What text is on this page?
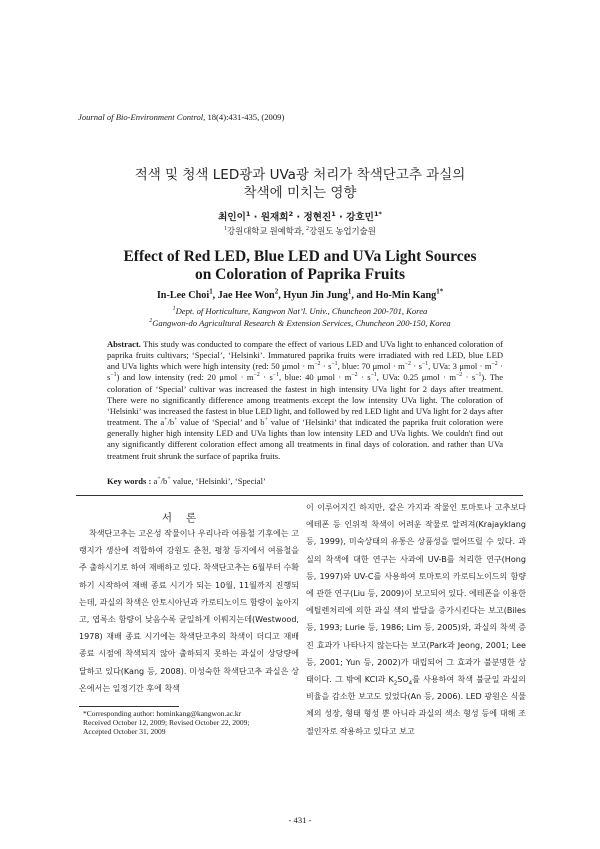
Journal of Bio-Environment Control, 18(4):431-435, (2009)
적색 및 청색 LED광과 UVa광 처리가 착색단고추 과실의
착색에 미치는 영향
최인이$^1$ · 원재희$^2$ · 정현진$^1$ · 강호민$^{1*}$
$^1$강원대학교 원예학과, $^2$강원도 농업기술원
Effect of Red LED, Blue LED and UVa Light Sources
on Coloration of Paprika Fruits
In-Lee Choi$^1$, Jae Hee Won$^2$, Hyun Jin Jung$^1$, and Ho-Min Kang$^{1*}$
$^1$Dept. of Horticulture, Kangwon Nat’l. Univ., Chuncheon 200-701, Korea
$^2$Gangwon-do Agricultural Research & Extension Services, Chuncheon 200-150, Korea
Abstract. This study was conducted to compare the effect of various LED and UVa light to enhanced coloration of paprika fruits cultivars; ‘Special’, ‘Helsinki’. Immatured paprika fruits were irradiated with red LED, blue LED and UVa lights which were high intensity (red: 50 $\mu mol \cdot m^{-2} \cdot s^{-1}$, blue: 70 $\mu mol \cdot m^{-2} \cdot s^{-1}$, UVa: 3 $\mu mol \cdot m^{-2} \cdot s^{-1}$) and low intensity (red: 20 $\mu mol \cdot m^{-2} \cdot s^{-1}$, blue: 40 $\mu mol \cdot m^{-2} \cdot s^{-1}$, UVa: 0.25 $\mu mol \cdot m^{-2} \cdot s^{-1}$). The coloration of ‘Special’ cultivar was increased the fastest in high intensity UVa light for 2 days after treatment. There were no significantly difference among treatments except the low intensity UVa light. The coloration of ‘Helsinki’ was increased the fastest in blue LED light, and followed by red LED light and UVa light for 2 days after treatment. The a+/b+ value of ‘Special’ and b+ value of ‘Helsinki’ that indicated the paprika fruit coloration were generally higher high intensity LED and UVa lights than low intensity LED and UVa lights. We couldn't find out any significantly different coloration effect among all treatments in final days of coloration. and rather than UVa treatment fruit shrunk the surface of paprika fruits.
Key words : a+/b+ value, ‘Helsinki’, ‘Special’
서론

착색단고추는 고온성 작물이나 우리나라 여름철 기후에는 고랭지가 생산에 적합하여 강원도 춘천, 평창 등지에서 여름철을 주 출하시기로 하여 재배하고 있다. 착색단고추는 6월부터 수확하기 시작하여 재배 종료 시기가 되는 10월, 11월까지 진행되는데, 과실의 착색은 안토시아닌과 카로티노이드 함량이 높아지고, 엽록소 함량이 낮음수록 균일하게 이뤄지는데(Westwood, 1978) 재배 종료 시기에는 착색단고추의 착색이 더디고 재배 종료 시점에 착색되지 않아 출하되지 못하는 과실이 상당량에 달하고 있다(Kang 등, 2008). 미성숙한 착색단고추 과실은 상온에서는 일정기간 후에 착색

이 이루어지긴 하지만, 같은 가지과 작물인 토마토나 고추보다 에테폰 등 인위적 착색이 어려운 작물로 알려져(Krajayklang 등, 1999), 미숙상태의 유통은 상품성을 떨어뜨릴 수 있다. 과실의 착색에 대한 연구는 사과에 UV-B를 처리한 연구(Hong 등, 1997)와 UV-C를 사용하여 토마토의 카로티노이드의 함량에 관한 연구(Liu 등, 2009)이 보고되어 있다. 에테폰을 이용한 에틸렌처리에 의한 과실 색의 발달을 증가시킨다는 보고(Biles 등, 1993; Lurie 등, 1986; Lim 등, 2005)와, 과실의 착색 증진 효과가 나타나지 않는다는 보고(Park과 Jeong, 2001; Lee 등, 2001; Yun 등, 2002)가 대립되어 그 효과가 불분명한 상태이다. 그 밖에 KCl과 $K_2SO_4$를 사용하여 착색 불균일 과실의 비율을 감소한 보고도 있었다(An 등, 2006). LED 광원은 식물체의 성장, 형태 형성 뿐 아니라 과실의 색소 형성 등에 대해 조절인자로 작용하고 있다고 보고

*Corresponding author: hominkang@kangwon.ac.kr
Received October 12, 2009; Revised October 22, 2009;
Accepted October 31, 2009
- 431 -
